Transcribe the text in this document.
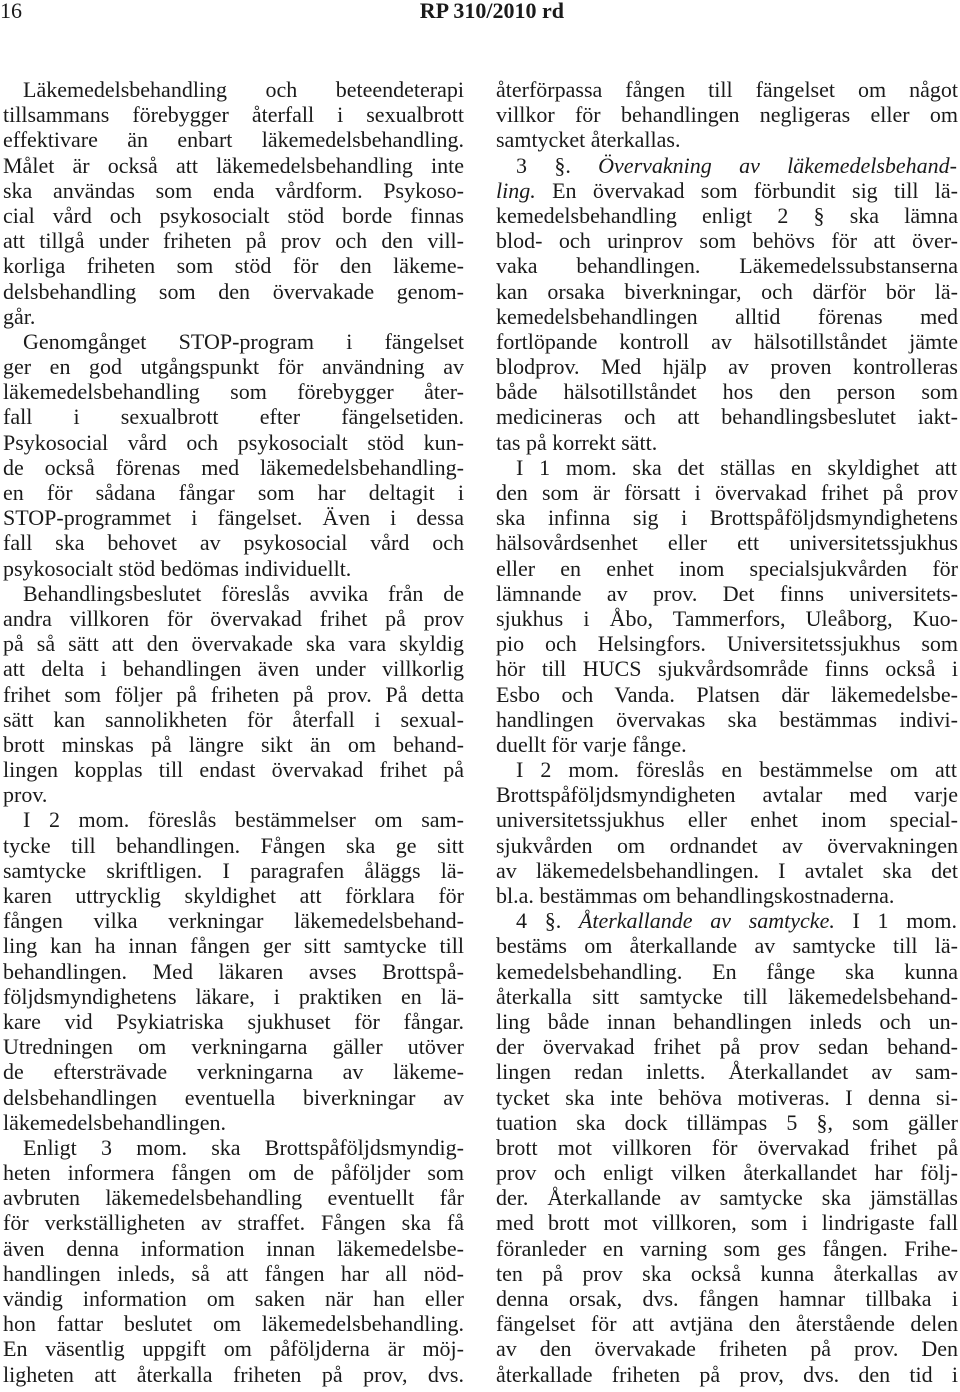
16	RP 310/2010 rd
Läkemedelsbehandling och beteendeterapi
tillsammans förebygger återfall i sexualbrott
effektivare än enbart läkemedelsbehandling.
Målet är också att läkemedelsbehandling inte
ska användas som enda vårdform. Psykoso-
cial vård och psykosocialt stöd borde finnas
att tillgå under friheten på prov och den vill-
korliga friheten som stöd för den läkeme-
delsbehandling som den övervakade genom-
går.
Genomgånget STOP-program i fängelset
ger en god utgångspunkt för användning av
läkemedelsbehandling som förebygger åter-
fall i sexualbrott efter fängelsetiden.
Psykosocial vård och psykosocialt stöd kun-
de också förenas med läkemedelsbehandling-
en för sådana fångar som har deltagit i
STOP-programmet i fängelset. Även i dessa
fall ska behovet av psykosocial vård och
psykosocialt stöd bedömas individuellt.
Behandlingsbeslutet föreslås avvika från de
andra villkoren för övervakad frihet på prov
på så sätt att den övervakade ska vara skyldig
att delta i behandlingen även under villkorlig
frihet som följer på friheten på prov. På detta
sätt kan sannolikheten för återfall i sexual-
brott minskas på längre sikt än om behand-
lingen kopplas till endast övervakad frihet på
prov.
I 2 mom. föreslås bestämmelser om sam-
tycke till behandlingen. Fången ska ge sitt
samtycke skriftligen. I paragrafen åläggs lä-
karen uttrycklig skyldighet att förklara för
fången vilka verkningar läkemedelsbehand-
ling kan ha innan fången ger sitt samtycke till
behandlingen. Med läkaren avses Brottspå-
följdsmyndighetens läkare, i praktiken en lä-
kare vid Psykiatriska sjukhuset för fångar.
Utredningen om verkningarna gäller utöver
de eftersträvade verkningarna av läkeme-
delsbehandlingen eventuella biverkningar av
läkemedelsbehandlingen.
Enligt 3 mom. ska Brottspåföljdsmyndig-
heten informera fången om de påföljder som
avbruten läkemedelsbehandling eventuellt får
för verkställigheten av straffet. Fången ska få
även denna information innan läkemedelsbe-
handlingen inleds, så att fången har all nöd-
vändig information om saken när han eller
hon fattar beslutet om läkemedelsbehandling.
En väsentlig uppgift om påföljderna är möj-
ligheten att återkalla friheten på prov, dvs.
återförpassa fången till fängelset om något
villkor för behandlingen negligeras eller om
samtycket återkallas.
3 §. Övervakning av läkemedelsbehand-
ling. En övervakad som förbundit sig till lä-
kemedelsbehandling enligt 2 § ska lämna
blod- och urinprov som behövs för att över-
vaka behandlingen. Läkemedelssubstanserna
kan orsaka biverkningar, och därför bör lä-
kemedelsbehandlingen alltid förenas med
fortlöpande kontroll av hälsotillståndet jämte
blodprov. Med hjälp av proven kontrolleras
både hälsotillståndet hos den person som
medicineras och att behandlingsbeslutet iakt-
tas på korrekt sätt.
I 1 mom. ska det ställas en skyldighet att
den som är försatt i övervakad frihet på prov
ska infinna sig i Brottspåföljdsmyndighetens
hälsovårdsenhet eller ett universitetssjukhus
eller en enhet inom specialsjukvården för
lämnande av prov. Det finns universitets-
sjukhus i Åbo, Tammerfors, Uleåborg, Kuo-
pio och Helsingfors. Universitetssjukhus som
hör till HUCS sjukvårdsområde finns också i
Esbo och Vanda. Platsen där läkemedelsbe-
handlingen övervakas ska bestämmas indivi-
duellt för varje fånge.
I 2 mom. föreslås en bestämmelse om att
Brottspåföljdsmyndigheten avtalar med varje
universitetssjukhus eller enhet inom special-
sjukvården om ordnandet av övervakningen
av läkemedelsbehandlingen. I avtalet ska det
bl.a. bestämmas om behandlingskostnaderna.
4 §. Återkallande av samtycke. I 1 mom.
bestäms om återkallande av samtycke till lä-
kemedelsbehandling. En fånge ska kunna
återkalla sitt samtycke till läkemedelsbehand-
ling både innan behandlingen inleds och un-
der övervakad frihet på prov sedan behand-
lingen redan inletts. Återkallandet av sam-
tycket ska inte behöva motiveras. I denna si-
tuation ska dock tillämpas 5 §, som gäller
brott mot villkoren för övervakad frihet på
prov och enligt vilken återkallandet har följ-
der. Återkallande av samtycke ska jämställas
med brott mot villkoren, som i lindrigaste fall
föranleder en varning som ges fången. Frihe-
ten på prov ska också kunna återkallas av
denna orsak, dvs. fången hamnar tillbaka i
fängelset för att avtjäna den återstående delen
av den övervakade friheten på prov. Den
återkallade friheten på prov, dvs. den tid i
